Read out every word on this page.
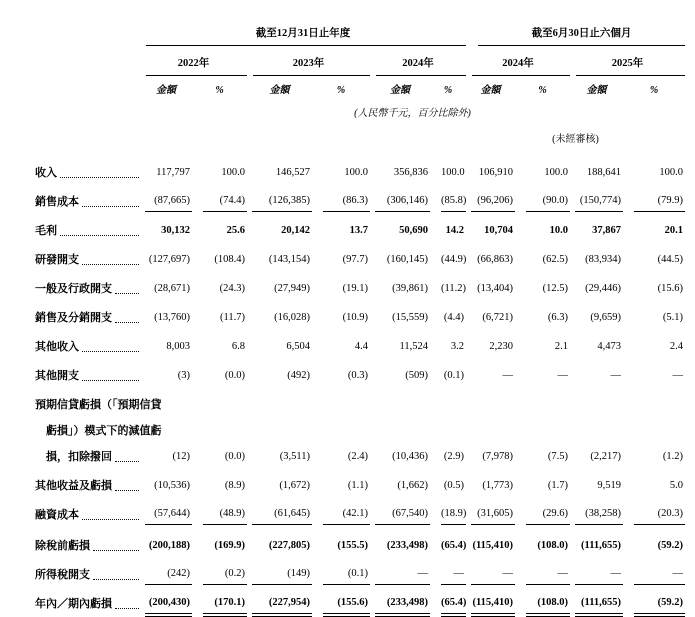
	截至12月31日止年度						截至6月30日止六個月			

	2022年		2023年		2024年		2024年		2025年	

	金額	%	金額	%	金額	%	金額	%	金額	%

	(人民幣千元，百分比除外)									

							(未經審核)			

收入	117,797	100.0	146,527	100.0	356,836	100.0	106,910	100.0	188,641	100.0

銷售成本	(87,665)	(74.4)	(126,385)	(86.3)	(306,146)	(85.8)	(96,206)	(90.0)	(150,774)	(79.9)

毛利	30,132	25.6	20,142	13.7	50,690	14.2	10,704	10.0	37,867	20.1

研發開支	(127,697)	(108.4)	(143,154)	(97.7)	(160,145)	(44.9)	(66,863)	(62.5)	(83,934)	(44.5)

一般及行政開支	(28,671)	(24.3)	(27,949)	(19.1)	(39,861)	(11.2)	(13,404)	(12.5)	(29,446)	(15.6)

銷售及分銷開支	(13,760)	(11.7)	(16,028)	(10.9)	(15,559)	(4.4)	(6,721)	(6.3)	(9,659)	(5.1)

其他收入	8,003	6.8	6,504	4.4	11,524	3.2	2,230	2.1	4,473	2.4

其他開支	(3)	(0.0)	(492)	(0.3)	(509)	(0.1)	—	—	—	—

預期信貸虧損（「預期信貸
虧損」）模式下的減值虧
損，扣除撥回	(12)	(0.0)	(3,511)	(2.4)	(10,436)	(2.9)	(7,978)	(7.5)	(2,217)	(1.2)

其他收益及虧損	(10,536)	(8.9)	(1,672)	(1.1)	(1,662)	(0.5)	(1,773)	(1.7)	9,519	5.0

融資成本	(57,644)	(48.9)	(61,645)	(42.1)	(67,540)	(18.9)	(31,605)	(29.6)	(38,258)	(20.3)

除稅前虧損	(200,188)	(169.9)	(227,805)	(155.5)	(233,498)	(65.4)	(115,410)	(108.0)	(111,655)	(59.2)

所得稅開支	(242)	(0.2)	(149)	(0.1)	—	—	—	—	—	—

年內／期內虧損	(200,430)	(170.1)	(227,954)	(155.6)	(233,498)	(65.4)	(115,410)	(108.0)	(111,655)	(59.2)
